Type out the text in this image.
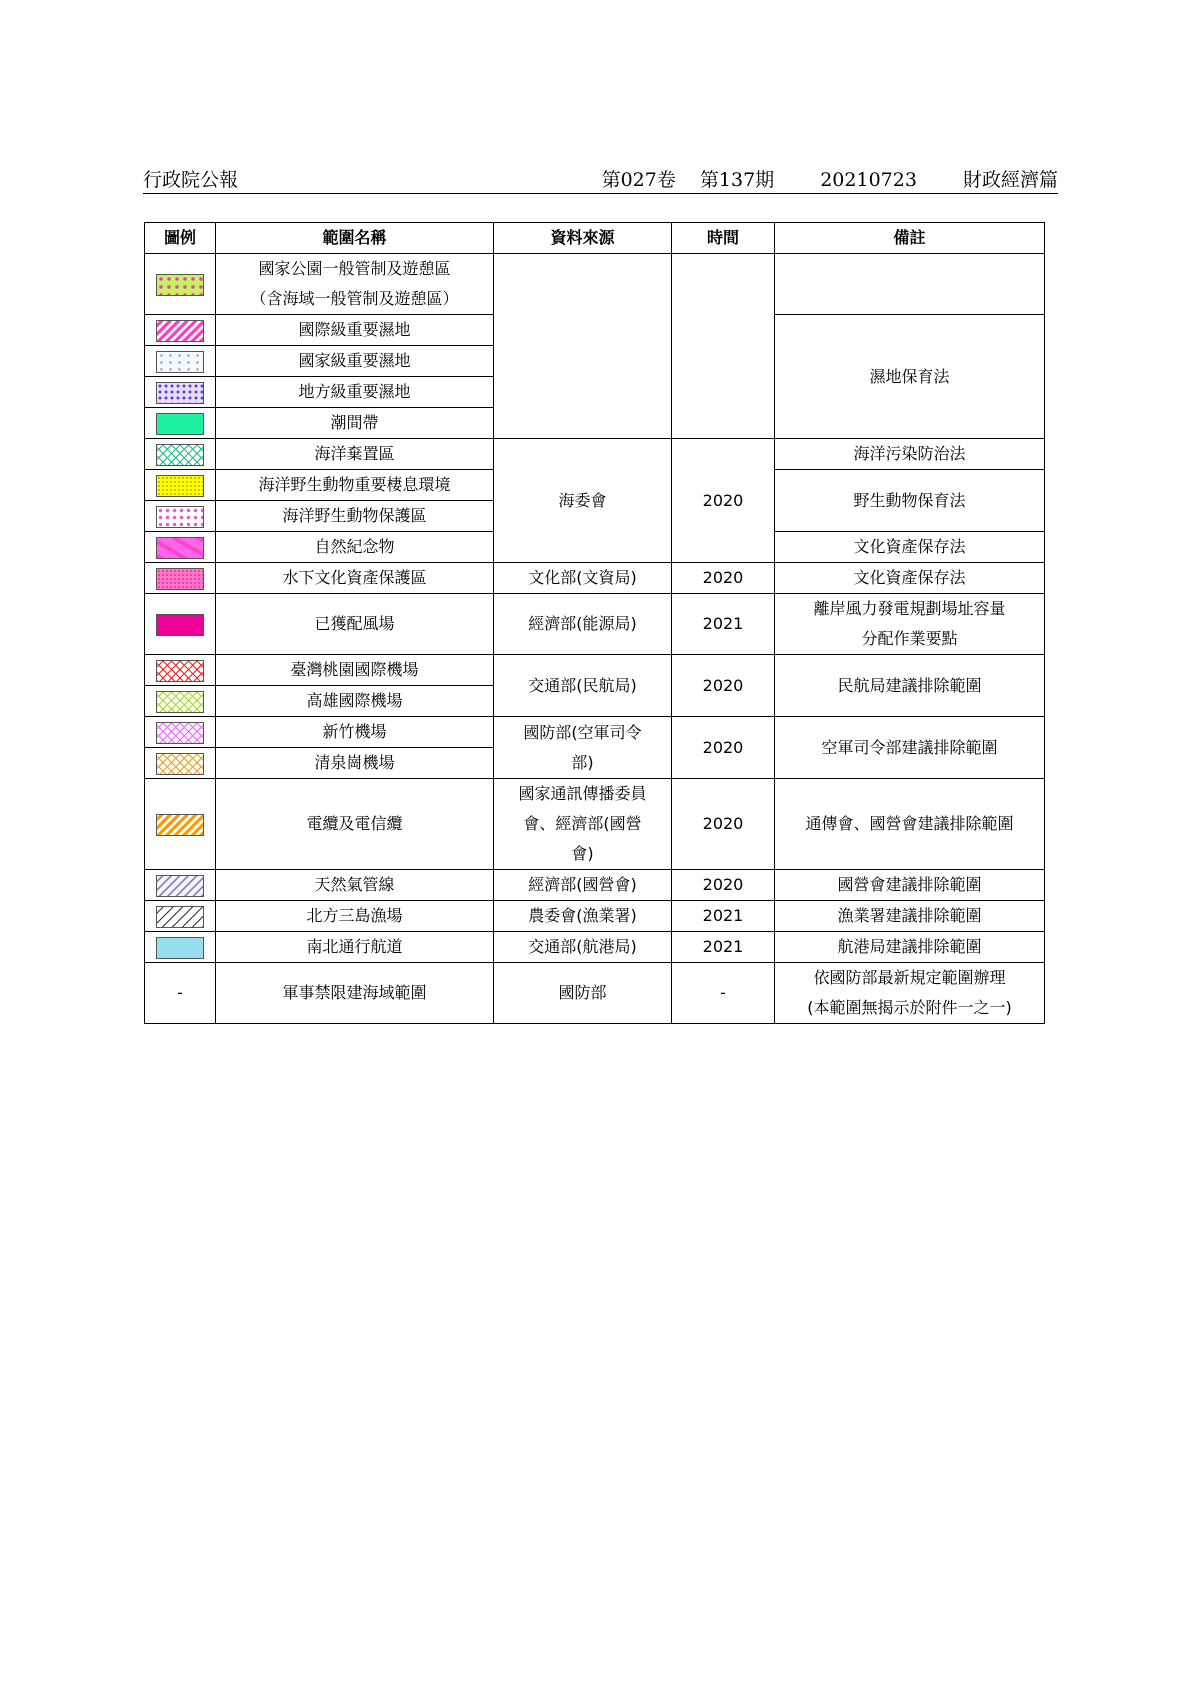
行政院公報	第027卷 第137期 20210723 財政經濟篇
圖例	範圍名稱	資料來源	時間	備註

	國家公園一般管制及遊憩區
（含海域一般管制及遊憩區）			

	國際級重要濕地			濕地保育法
	國家級重要濕地			
	地方級重要濕地			
	潮間帶			
	海洋棄置區	海委會	2020	海洋污染防治法
	海洋野生動物重要棲息環境			野生動物保育法
	海洋野生動物保護區			
	自然紀念物			文化資產保存法
	水下文化資產保護區	文化部(文資局)	2020	文化資產保存法
	已獲配風場	經濟部(能源局)	2021	離岸風力發電規劃場址容量
分配作業要點

	臺灣桃園國際機場	交通部(民航局)	2020	民航局建議排除範圍
	高雄國際機場			
	新竹機場	國防部(空軍司令
部)	2020	空軍司令部建議排除範圍
	清泉崗機場			
	電纜及電信纜	國家通訊傳播委員
會、經濟部(國營
會)	2020	通傳會、國營會建議排除範圍
	天然氣管線	經濟部(國營會)	2020	國營會建議排除範圍
	北方三島漁場	農委會(漁業署)	2021	漁業署建議排除範圍
	南北通行航道	交通部(航港局)	2021	航港局建議排除範圍
-	軍事禁限建海域範圍	國防部	-	依國防部最新規定範圍辦理
(本範圍無揭示於附件一之一)
